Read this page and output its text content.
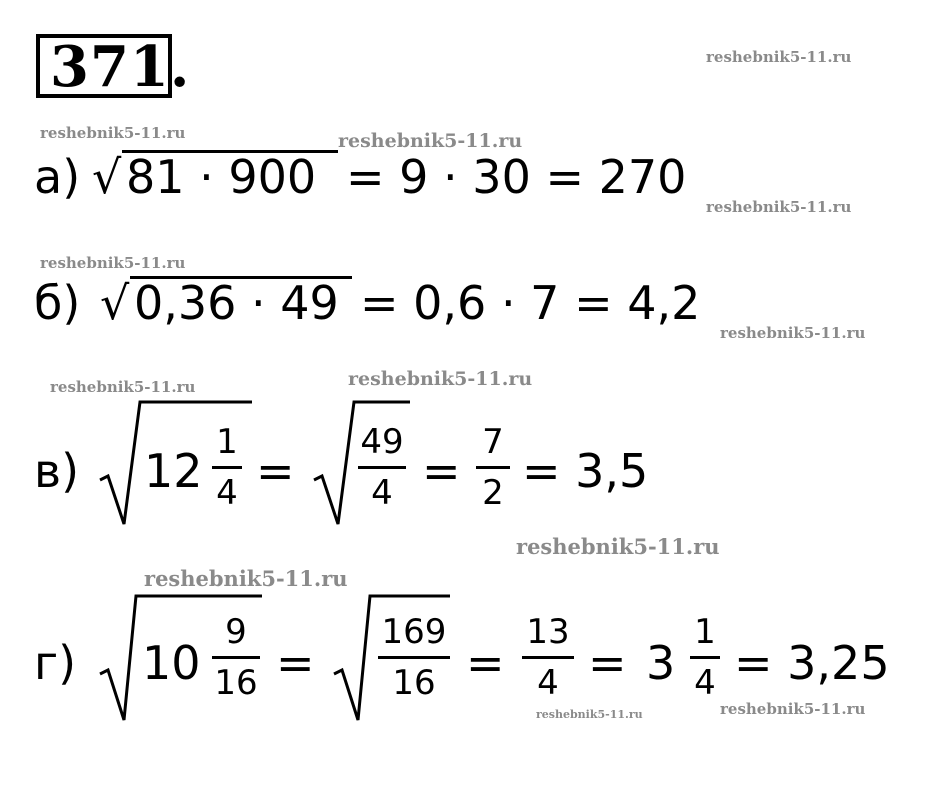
371.	reshebnik5-11.ru
reshebnik5-11.ru	reshebnik5-11.ru
reshebnik5-11.ru
reshebnik5-11.ru
reshebnik5-11.ru
reshebnik5-11.ru	reshebnik5-11.ru
reshebnik5-11.ru
reshebnik5-11.ru
reshebnik5-11.ru	reshebnik5-11.ru
а) √ 81 · 900 = 9 · 30 = 270
б) √ 0,36 · 49 = 0,6 · 7 = 4,2
в) 12
1
4 =
49
4 =
7
2 = 3,5
г) 10
9
16 =
169
16 =
13
4 = 3
1
4 = 3,25
